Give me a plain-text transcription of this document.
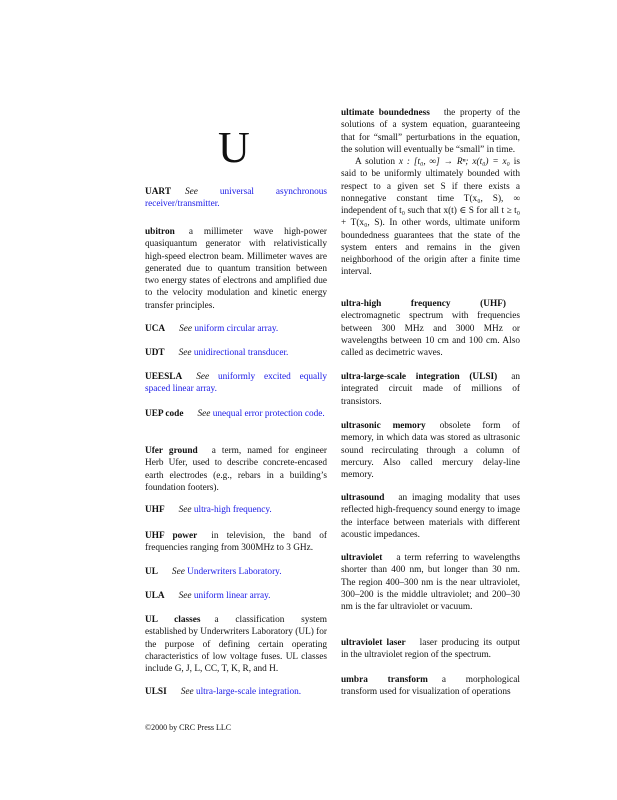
U
UART See universal asynchronous receiver/transmitter.
ubitron a millimeter wave high-power quasiquantum generator with relativistically high-speed electron beam. Millimeter waves are generated due to quantum transition between two energy states of electrons and amplified due to the velocity modulation and kinetic energy transfer principles.
UCA See uniform circular array.
UDT See unidirectional transducer.
UEESLA See uniformly excited equally spaced linear array.
UEP code See unequal error protection code.
Ufer ground a term, named for engineer Herb Ufer, used to describe concrete-encased earth electrodes (e.g., rebars in a building’s foundation footers).
UHF See ultra-high frequency.
UHF power in television, the band of frequencies ranging from 300MHz to 3 GHz.
UL See Underwriters Laboratory.
ULA See uniform linear array.
UL classes a classification system established by Underwriters Laboratory (UL) for the purpose of defining certain operating characteristics of low voltage fuses. UL classes include G, J, L, CC, T, K, R, and H.
ULSI See ultra-large-scale integration.
ultimate boundedness the property of the solutions of a system equation, guaranteeing that for “small” perturbations in the equation, the solution will eventually be “small” in time.
A solution x : [t₀, ∞] → Rⁿ; x(t₀) = x₀ is said to be uniformly ultimately bounded with respect to a given set S if there exists a nonnegative constant time T(x₀, S), ∞ independent of t₀ such that x(t) ∈ S for all t ≥ t₀ + T(x₀, S). In other words, ultimate uniform boundedness guarantees that the state of the system enters and remains in the given neighborhood of the origin after a finite time interval.
ultra-high frequency (UHF)electromagnetic spectrum with frequencies between 300 MHz and 3000 MHz or wavelengths between 10 cm and 100 cm. Also called as decimetric waves.
ultra-large-scale integration (ULSI) an integrated circuit made of millions of transistors.
ultrasonic memory obsolete form of memory, in which data was stored as ultrasonic sound recirculating through a column of mercury. Also called mercury delay-line memory.
ultrasound an imaging modality that uses reflected high-frequency sound energy to image the interface between materials with different acoustic impedances.
ultraviolet a term referring to wavelengths shorter than 400 nm, but longer than 30 nm. The region 400–300 nm is the near ultraviolet, 300–200 is the middle ultraviolet; and 200–30 nm is the far ultraviolet or vacuum.
ultraviolet laser laser producing its output in the ultraviolet region of the spectrum.
umbra transform a morphological transform used for visualization of operations
©2000 by CRC Press LLC
